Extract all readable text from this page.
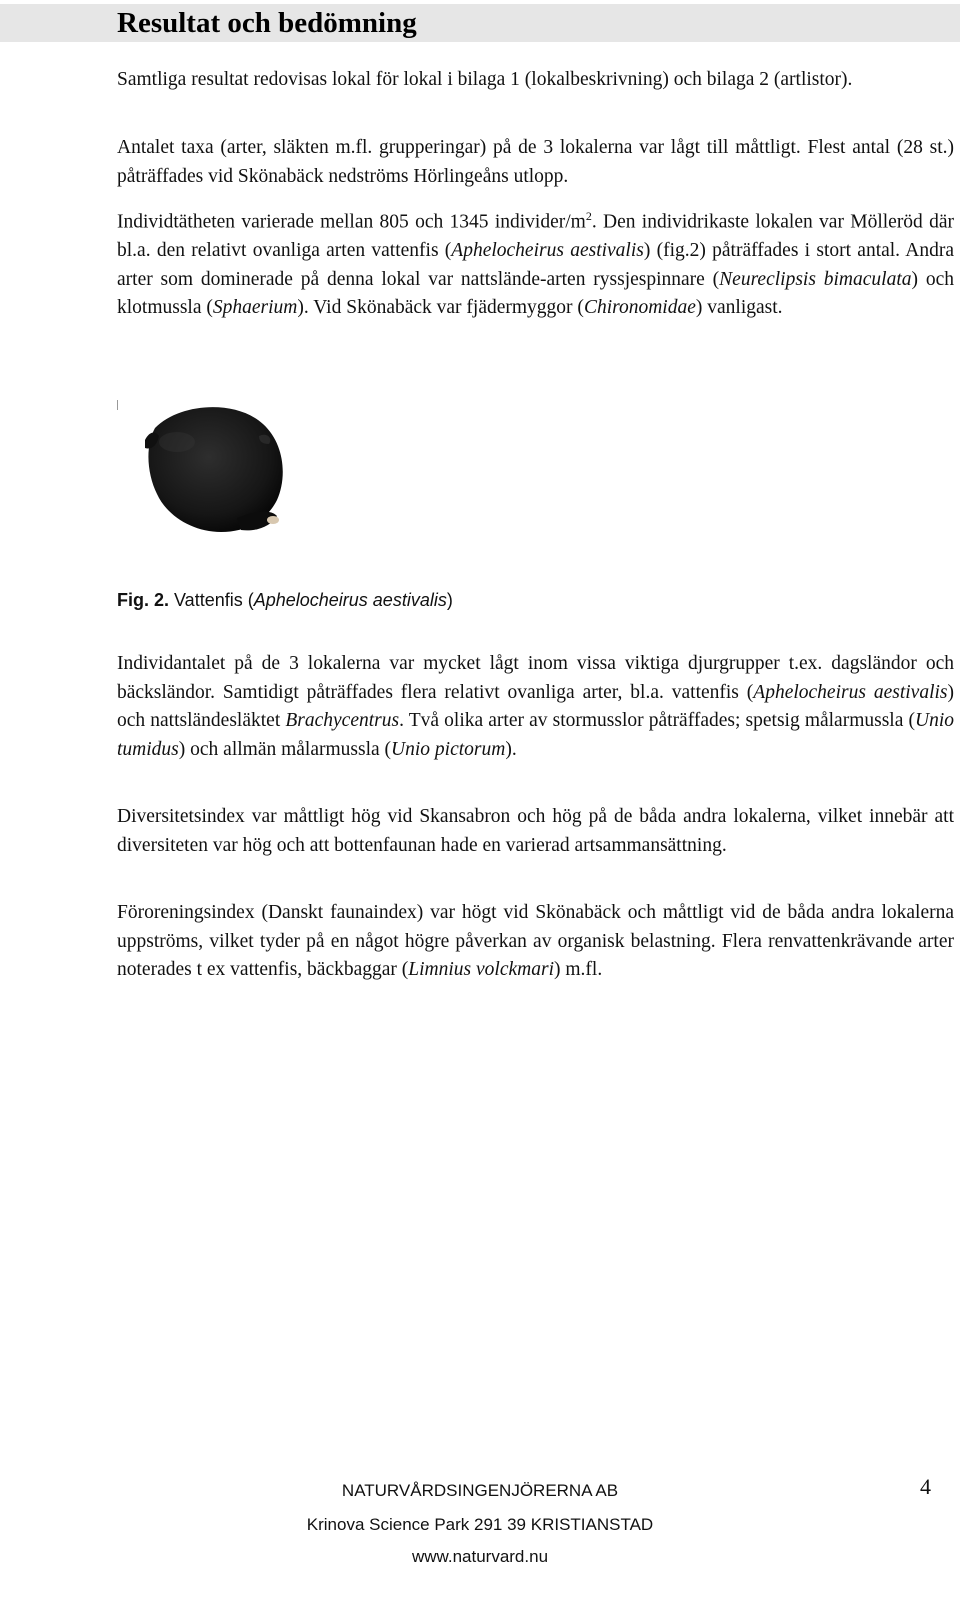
Resultat och bedömning

Samtliga resultat redovisas lokal för lokal i bilaga 1 (lokalbeskrivning) och bilaga 2 (artlistor).

Antalet taxa (arter, släkten m.fl. grupperingar) på de 3 lokalerna var lågt till måttligt. Flest antal (28 st.) påträffades vid Skönabäck nedströms Hörlingeåns utlopp.

Individtätheten varierade mellan 805 och 1345 individer/$m^2$. Den individrikaste lokalen var Mölleröd där bl.a. den relativt ovanliga arten vattenfis (Aphelocheirus aestivalis) (fig.2) påträffades i stort antal. Andra arter som dominerade på denna lokal var nattslände-arten ryssjespinnare (Neureclipsis bimaculata) och klotmussla (Sphaerium). Vid Skönabäck var fjädermyggor (Chironomidae) vanligast.

Fig. 2. Vattenfis (Aphelocheirus aestivalis)

Individantalet på de 3 lokalerna var mycket lågt inom vissa viktiga djurgrupper t.ex. dagsländor och bäcksländor. Samtidigt påträffades flera relativt ovanliga arter, bl.a. vattenfis (Aphelocheirus aestivalis) och nattsländesläktet Brachycentrus. Två olika arter av stormusslor påträffades; spetsig målarmussla (Unio tumidus) och allmän målarmussla (Unio pictorum).

Diversitetsindex var måttligt hög vid Skansabron och hög på de båda andra lokalerna, vilket innebär att diversiteten var hög och att bottenfaunan hade en varierad artsammansättning.

Föroreningsindex (Danskt faunaindex) var högt vid Skönabäck och måttligt vid de båda andra lokalerna uppströms, vilket tyder på en något högre påverkan av organisk belastning. Flera renvattenkrävande arter noterades t ex vattenfis, bäckbaggar (Limnius volckmari) m.fl.

NATURVÅRDSINGENJÖRERNA AB
Krinova Science Park 291 39 KRISTIANSTAD
www.naturvard.nu
4
